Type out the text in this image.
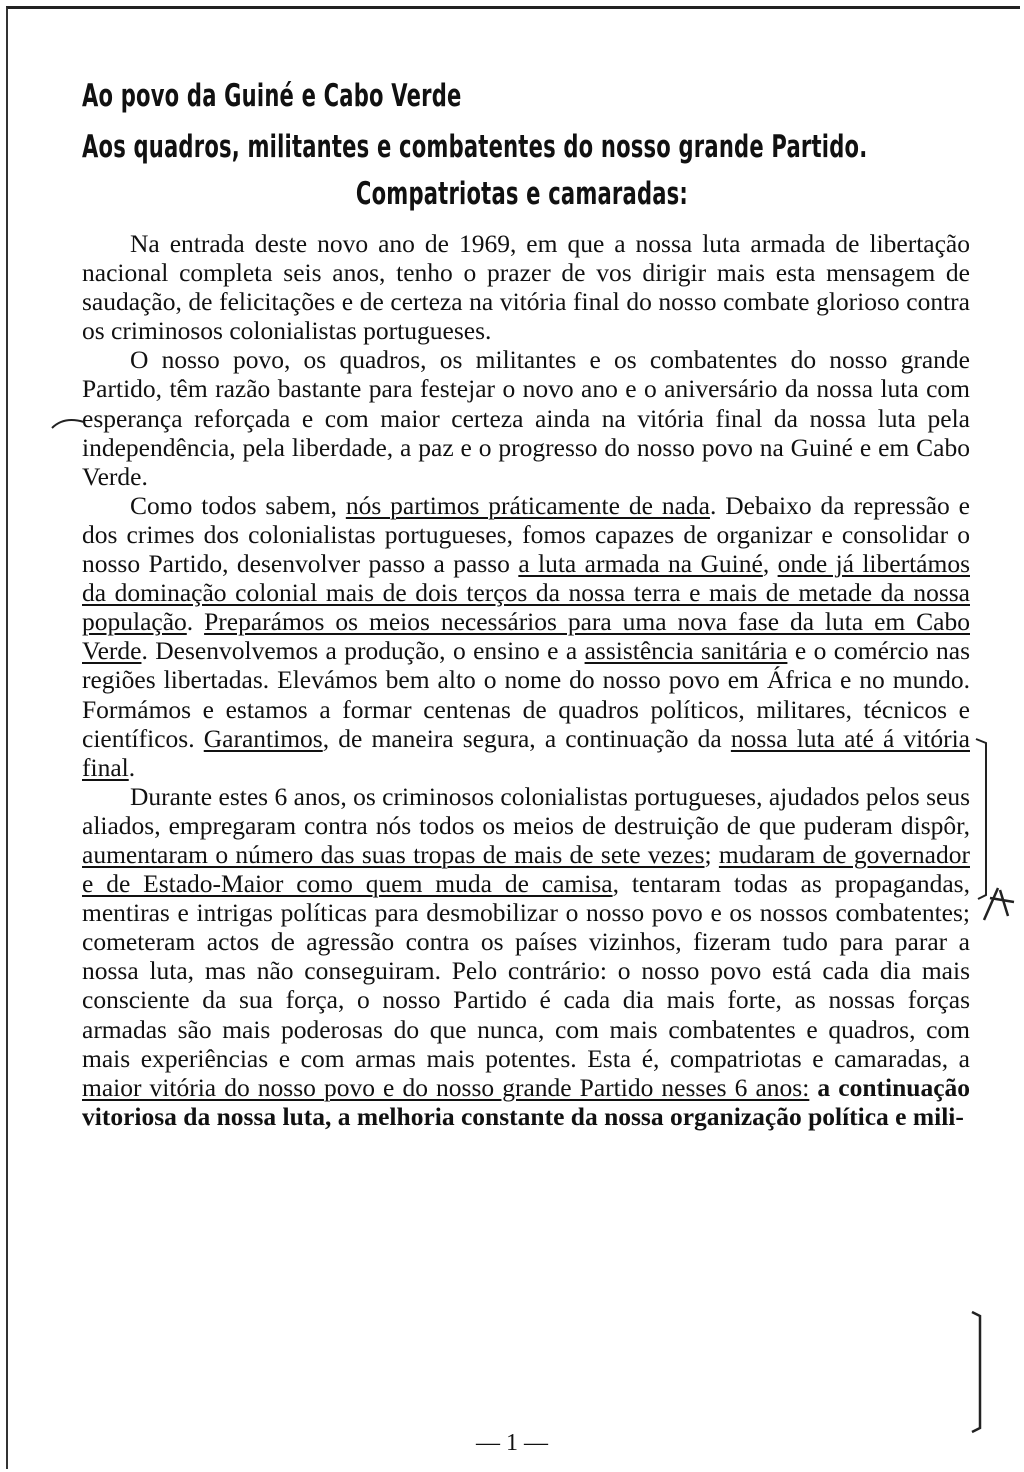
Ao povo da Guiné e Cabo Verde
Aos quadros, militantes e combatentes do nosso grande Partido.
Compatriotas e camaradas:

Na entrada deste novo ano de 1969, em que a nossa luta armada de libertação nacional completa seis anos, tenho o prazer de vos dirigir mais esta mensagem de saudação, de felicitações e de certeza na vitória final do nosso combate glorioso contra os criminosos colonialistas portugueses.

O nosso povo, os quadros, os militantes e os combatentes do nosso grande Partido, têm razão bastante para festejar o novo ano e o aniversário da nossa luta com esperança reforçada e com maior certeza ainda na vitória final da nossa luta pela independência, pela liberdade, a paz e o progresso do nosso povo na Guiné e em Cabo Verde.

Como todos sabem, nós partimos práticamente de nada. Debaixo da repressão e dos crimes dos colonialistas portugueses, fomos capazes de organizar e consolidar o nosso Partido, desenvolver passo a passo a luta armada na Guiné, onde já libertámos da dominação colonial mais de dois terços da nossa terra e mais de metade da nossa população. Preparámos os meios necessários para uma nova fase da luta em Cabo Verde. Desenvolvemos a produção, o ensino e a assistência sanitária e o comércio nas regiões libertadas. Elevámos bem alto o nome do nosso povo em África e no mundo. Formámos e estamos a formar centenas de quadros políticos, militares, técnicos e científicos. Garantimos, de maneira segura, a continuação da nossa luta até á vitória final.

Durante estes 6 anos, os criminosos colonialistas portugueses, ajudados pelos seus aliados, empregaram contra nós todos os meios de destruição de que puderam dispôr, aumentaram o número das suas tropas de mais de sete vezes; mudaram de governador e de Estado-Maior como quem muda de camisa, tentaram todas as propagandas, mentiras e intrigas políticas para desmobilizar o nosso povo e os nossos combatentes; cometeram actos de agressão contra os países vizinhos, fizeram tudo para parar a nossa luta, mas não conseguiram. Pelo contrário: o nosso povo está cada dia mais consciente da sua força, o nosso Partido é cada dia mais forte, as nossas forças armadas são mais poderosas do que nunca, com mais combatentes e quadros, com mais experiências e com armas mais potentes. Esta é, compatriotas e camaradas, a maior vitória do nosso povo e do nosso grande Partido nesses 6 anos: a continuação vitoriosa da nossa luta, a melhoria constante da nossa organização política e mili-

— 1 —
